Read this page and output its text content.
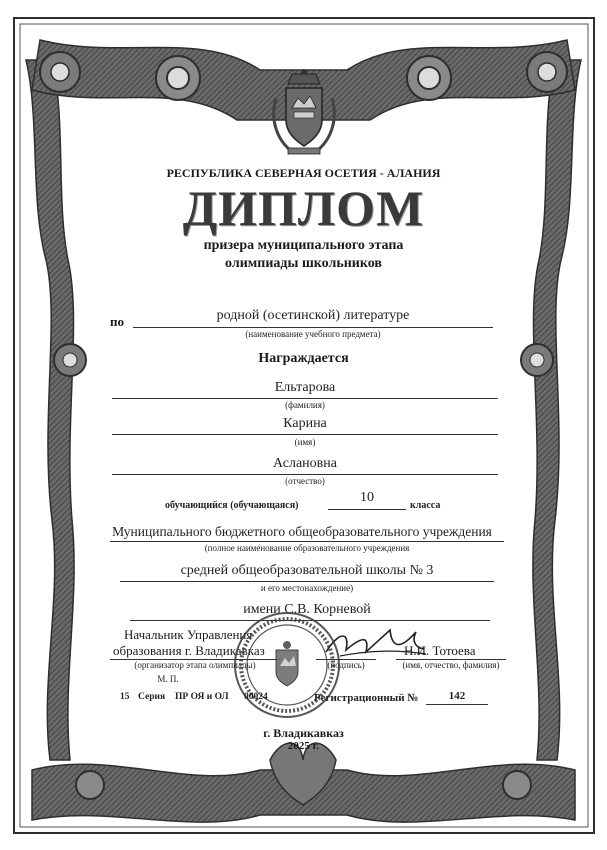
РЕСПУБЛИКА СЕВЕРНАЯ ОСЕТИЯ - АЛАНИЯ
ДИПЛОМ
призера муниципального этапа
олимпиады школьников
по	родной (осетинской) литературе
(наименование учебного предмета)
Награждается
Ельтарова
(фамилия)
Карина
(имя)
Аслановна
(отчество)
обучающийся (обучающаяся)
10
класса
Муниципального бюджетного общеобразовательного учреждения
(полное наименование образовательного учреждения
средней общеобразовательной школы № 3
и его местонахождение)
имени С.В. Корневой
Начальник Управления
образования г. Владикавказ
(организатор этапа олимпиады)
М. П.
(подпись)
Н.И. Тотоева
(имя, отчество, фамилия)
15 Серия ПР ОЯ и ОЛ 00024	Регистрационный №	142
г. Владикавказ
2025 г.
